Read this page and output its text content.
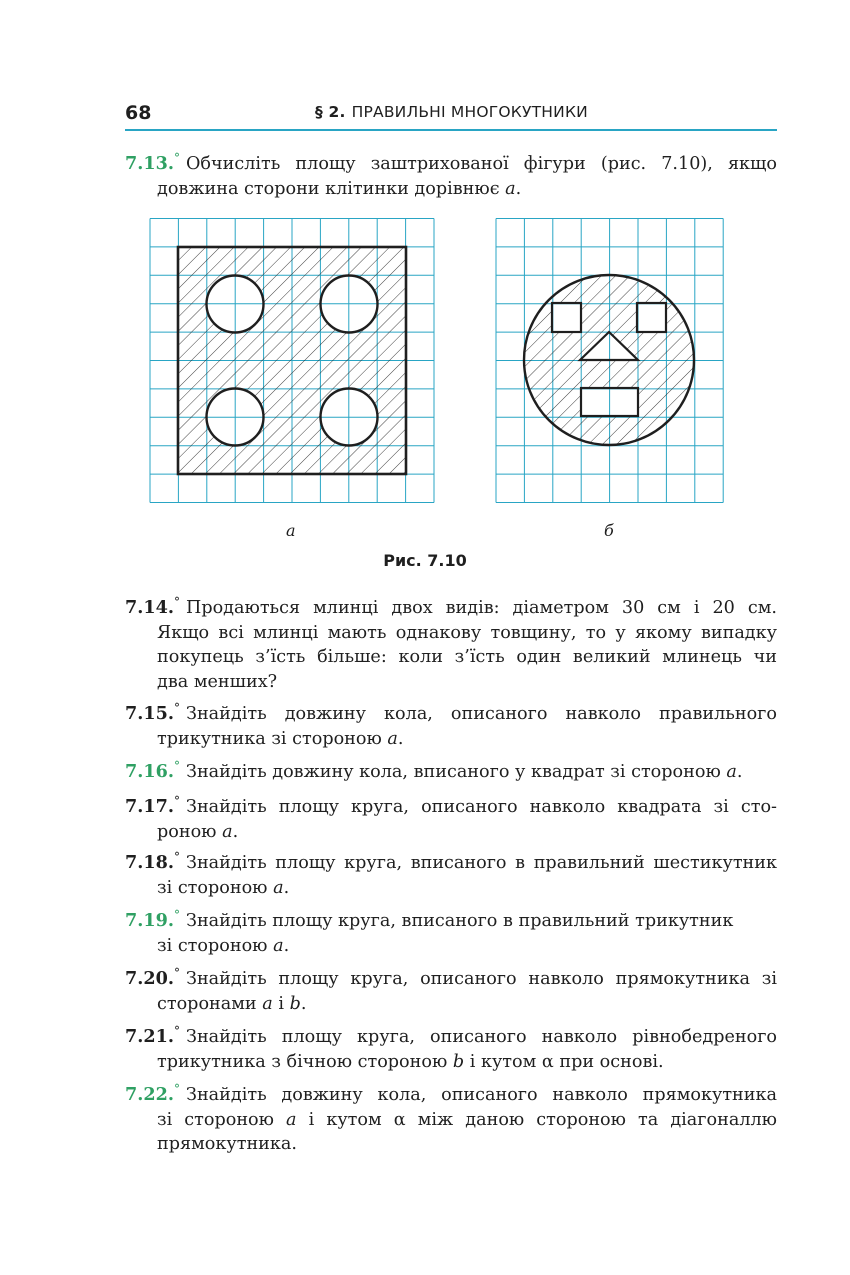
68	§ 2. ПРАВИЛЬНІ МНОГОКУТНИКИ
7.13.° Обчисліть площу заштрихованої фігури (рис. 7.10), якщо
довжина сторони клітинки дорівнює a.
7.14.° Продаються млинці двох видів: діаметром 30 см і 20 см.
Якщо всі млинці мають однакову товщину, то у якому випадку
покупець з’їсть більше: коли з’їсть один великий млинець чи
два менших?
7.15.° Знайдіть довжину кола, описаного навколо правильного
трикутника зі стороною a.
7.16.° Знайдіть довжину кола, вписаного у квадрат зі стороною a.
7.17.° Знайдіть площу круга, описаного навколо квадрата зі сто-
роною a.
7.18.° Знайдіть площу круга, вписаного в правильний шестикутник
зі стороною a.
7.19.° Знайдіть площу круга, вписаного в правильний трикутник
зі стороною a.
7.20.° Знайдіть площу круга, описаного навколо прямокутника зі
сторонами a і b.
7.21.° Знайдіть площу круга, описаного навколо рівнобедреного
трикутника з бічною стороною b і кутом α при основі.
7.22.° Знайдіть довжину кола, описаного навколо прямокутника
зі стороною a і кутом α між даною стороною та діагоналлю
прямокутника.
а	б
Рис. 7.10
